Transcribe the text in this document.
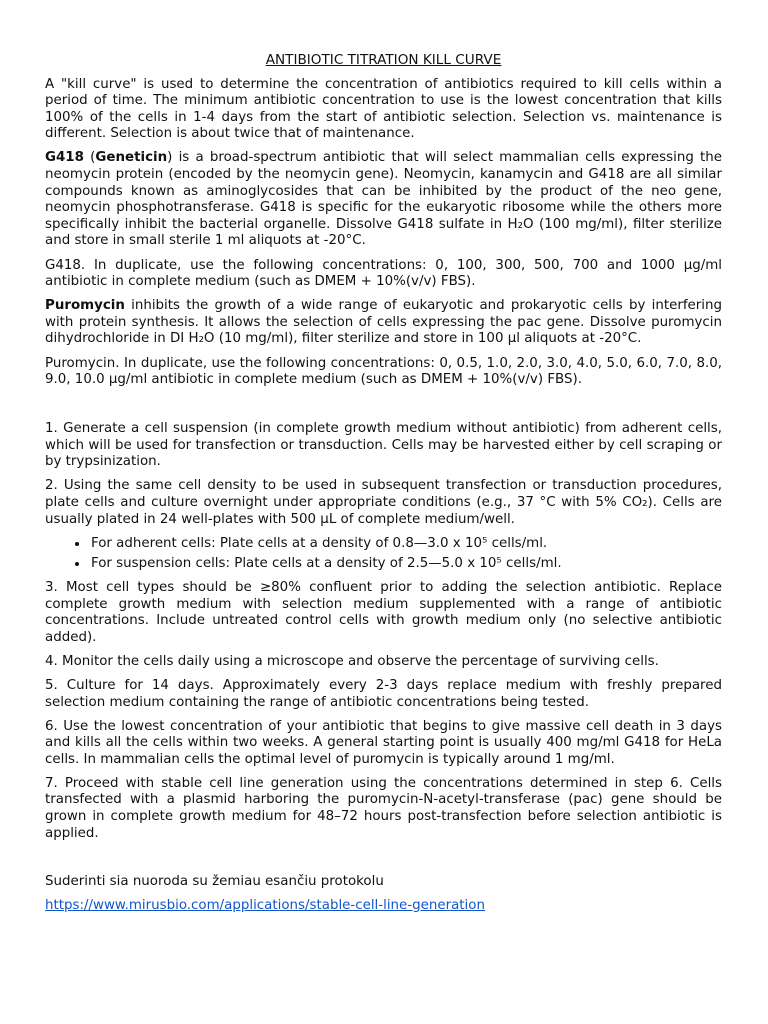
ANTIBIOTIC TITRATION KILL CURVE

A "kill curve" is used to determine the concentration of antibiotics required to kill cells within a period of time. The minimum antibiotic concentration to use is the lowest concentration that kills 100% of the cells in 1-4 days from the start of antibiotic selection. Selection vs. maintenance is different. Selection is about twice that of maintenance.

G418 (Geneticin) is a broad-spectrum antibiotic that will select mammalian cells expressing the neomycin protein (encoded by the neomycin gene). Neomycin, kanamycin and G418 are all similar compounds known as aminoglycosides that can be inhibited by the product of the neo gene, neomycin phosphotransferase. G418 is specific for the eukaryotic ribosome while the others more specifically inhibit the bacterial organelle. Dissolve G418 sulfate in H₂O (100 mg/ml), filter sterilize and store in small sterile 1 ml aliquots at -20°C.

G418. In duplicate, use the following concentrations: 0, 100, 300, 500, 700 and 1000 µg/ml antibiotic in complete medium (such as DMEM + 10%(v/v) FBS).

Puromycin inhibits the growth of a wide range of eukaryotic and prokaryotic cells by interfering with protein synthesis. It allows the selection of cells expressing the pac gene. Dissolve puromycin dihydrochloride in DI H₂O (10 mg/ml), filter sterilize and store in 100 µl aliquots at -20°C.

Puromycin. In duplicate, use the following concentrations: 0, 0.5, 1.0, 2.0, 3.0, 4.0, 5.0, 6.0, 7.0, 8.0, 9.0, 10.0 µg/ml antibiotic in complete medium (such as DMEM + 10%(v/v) FBS).

1. Generate a cell suspension (in complete growth medium without antibiotic) from adherent cells, which will be used for transfection or transduction. Cells may be harvested either by cell scraping or by trypsinization.

2. Using the same cell density to be used in subsequent transfection or transduction procedures, plate cells and culture overnight under appropriate conditions (e.g., 37 °C with 5% CO₂). Cells are usually plated in 24 well-plates with 500 µL of complete medium/well.

• For adherent cells: Plate cells at a density of 0.8—3.0 x 10⁵ cells/ml.
• For suspension cells: Plate cells at a density of 2.5—5.0 x 10⁵ cells/ml.

3. Most cell types should be ≥80% confluent prior to adding the selection antibiotic. Replace complete growth medium with selection medium supplemented with a range of antibiotic concentrations. Include untreated control cells with growth medium only (no selective antibiotic added).

4. Monitor the cells daily using a microscope and observe the percentage of surviving cells.

5. Culture for 14 days. Approximately every 2-3 days replace medium with freshly prepared selection medium containing the range of antibiotic concentrations being tested.

6. Use the lowest concentration of your antibiotic that begins to give massive cell death in 3 days and kills all the cells within two weeks. A general starting point is usually 400 mg/ml G418 for HeLa cells. In mammalian cells the optimal level of puromycin is typically around 1 mg/ml.

7. Proceed with stable cell line generation using the concentrations determined in step 6. Cells transfected with a plasmid harboring the puromycin-N-acetyl-transferase (pac) gene should be grown in complete growth medium for 48–72 hours post-transfection before selection antibiotic is applied.

Suderinti sia nuoroda su žemiau esančiu protokolu

https://www.mirusbio.com/applications/stable-cell-line-generation
